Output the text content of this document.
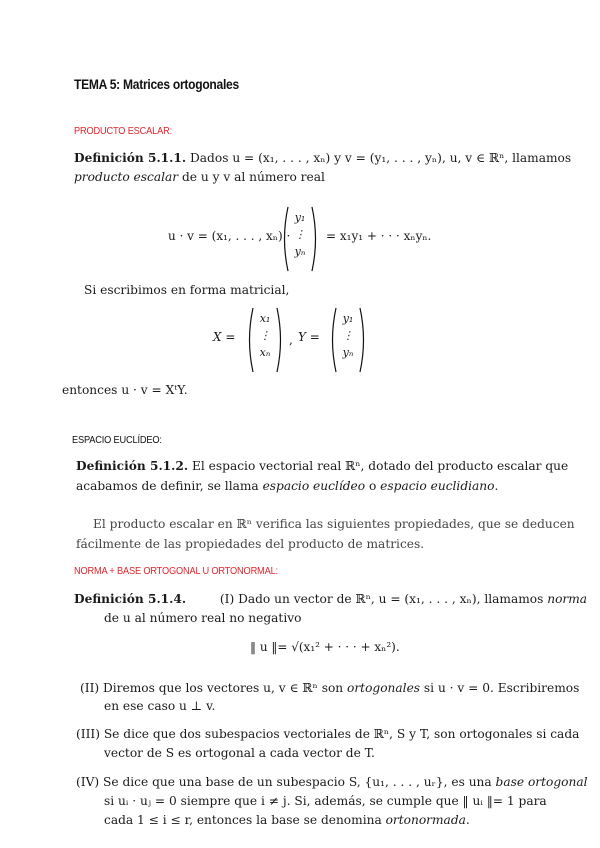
TEMA 5: Matrices ortogonales
PRODUCTO ESCALAR:
Definición 5.1.1. Dados u = (x₁, . . . , xₙ) y v = (y₁, . . . , yₙ), u, v ∈ ℝⁿ, llamamos
producto escalar de u y v al número real
u · v = (x₁, . . . , xₙ) ·
y₁
⋮
yₙ
= x₁y₁ + · · · xₙyₙ.
Si escribimos en forma matricial,
X =
x₁
⋮
xₙ
, Y =
y₁
⋮
yₙ
entonces u · v = XᵗY.
ESPACIO EUCLÍDEO:
Definición 5.1.2. El espacio vectorial real ℝⁿ, dotado del producto escalar que
acabamos de definir, se llama espacio euclídeo o espacio euclidiano.
El producto escalar en ℝⁿ verifica las siguientes propiedades, que se deducen
fácilmente de las propiedades del producto de matrices.
NORMA + BASE ORTOGONAL U ORTONORMAL:
Definición 5.1.4.	(I) Dado un vector de ℝⁿ, u = (x₁, . . . , xₙ), llamamos norma
de u al número real no negativo
‖ u ‖= √(x₁² + · · · + xₙ²).
(II) Diremos que los vectores u, v ∈ ℝⁿ son ortogonales si u · v = 0. Escribiremos
en ese caso u ⊥ v.
(III) Se dice que dos subespacios vectoriales de ℝⁿ, S y T, son ortogonales si cada
vector de S es ortogonal a cada vector de T.
(IV) Se dice que una base de un subespacio S, {u₁, . . . , uᵣ}, es una base ortogonal
si uᵢ · uⱼ = 0 siempre que i ≠ j. Si, además, se cumple que ‖ uᵢ ‖= 1 para
cada 1 ≤ i ≤ r, entonces la base se denomina ortonormada.
